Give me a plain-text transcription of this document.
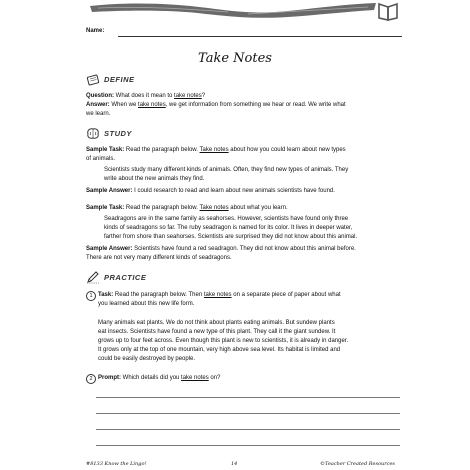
Name:
Take Notes
DEFINE
Question: What does it mean to take notes?
Answer: When we take notes, we get information from something we hear or read. We write what
we learn.
STUDY
Sample Task: Read the paragraph below. Take notes about how you could learn about new types
of animals.
Scientists study many different kinds of animals. Often, they find new types of animals. They
write about the new animals they find.
Sample Answer: I could research to read and learn about new animals scientists have found.
Sample Task: Read the paragraph below. Take notes about what you learn.
Seadragons are in the same family as seahorses. However, scientists have found only three
kinds of seadragons so far. The ruby seadragon is named for its color. It lives in deeper water,
farther from shore than seahorses. Scientists are surprised they did not know about this animal.
Sample Answer: Scientists have found a red seadragon. They did not know about this animal before.
There are not very many different kinds of seadragons.
PRACTICE
1 Task: Read the paragraph below. Then take notes on a separate piece of paper about what
you learned about this new life form.
Many animals eat plants. We do not think about plants eating animals. But sundew plants
eat insects. Scientists have found a new type of this plant. They call it the giant sundew. It
grows up to four feet across. Even though this plant is new to scientists, it is already in danger.
It grows only at the top of one mountain, very high above sea level. Its habitat is limited and
could be easily destroyed by people.
2 Prompt: Which details did you take notes on?
#8133 Know the Lingo!	14	©Teacher Created Resources
